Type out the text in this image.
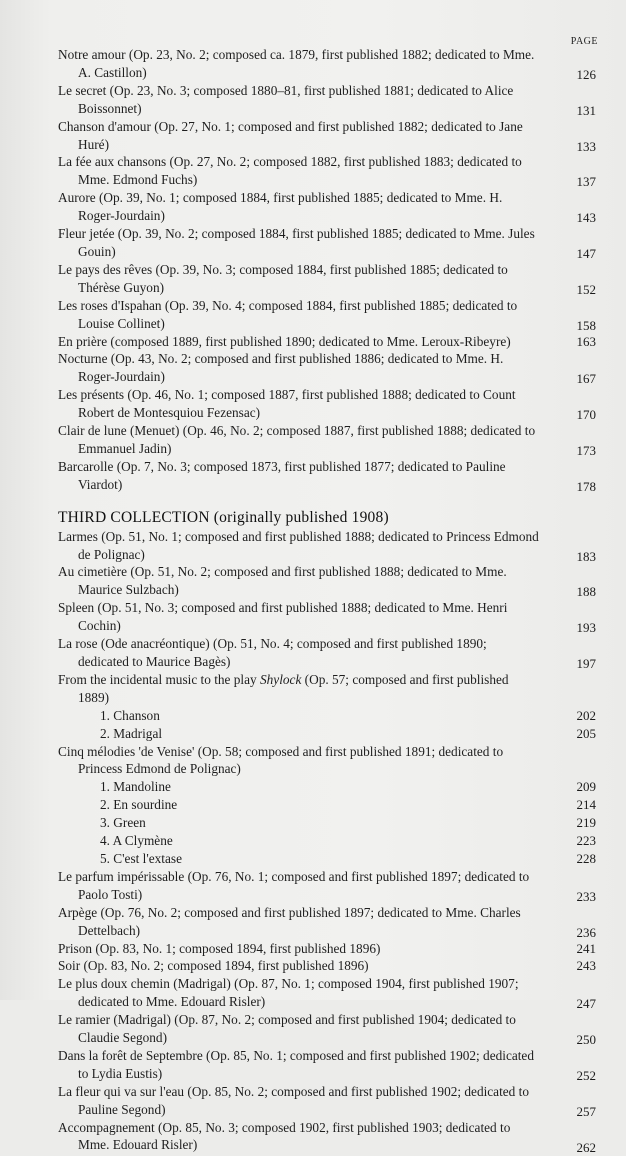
PAGE
Notre amour (Op. 23, No. 2; composed ca. 1879, first published 1882; dedicated to Mme. A. Castillon)	126
Le secret (Op. 23, No. 3; composed 1880–81, first published 1881; dedicated to Alice Boissonnet)	131
Chanson d'amour (Op. 27, No. 1; composed and first published 1882; dedicated to Jane Huré)	133
La fée aux chansons (Op. 27, No. 2; composed 1882, first published 1883; dedicated to Mme. Edmond Fuchs)	137
Aurore (Op. 39, No. 1; composed 1884, first published 1885; dedicated to Mme. H. Roger-Jourdain)	143
Fleur jetée (Op. 39, No. 2; composed 1884, first published 1885; dedicated to Mme. Jules Gouin)	147
Le pays des rêves (Op. 39, No. 3; composed 1884, first published 1885; dedicated to Thérèse Guyon)	152
Les roses d'Ispahan (Op. 39, No. 4; composed 1884, first published 1885; dedicated to Louise Collinet)	158
En prière (composed 1889, first published 1890; dedicated to Mme. Leroux-Ribeyre)	163
Nocturne (Op. 43, No. 2; composed and first published 1886; dedicated to Mme. H. Roger-Jourdain)	167
Les présents (Op. 46, No. 1; composed 1887, first published 1888; dedicated to Count Robert de Montesquiou Fezensac)	170
Clair de lune (Menuet) (Op. 46, No. 2; composed 1887, first published 1888; dedicated to Emmanuel Jadin)	173
Barcarolle (Op. 7, No. 3; composed 1873, first published 1877; dedicated to Pauline Viardot)	178
THIRD COLLECTION (originally published 1908)
Larmes (Op. 51, No. 1; composed and first published 1888; dedicated to Princess Edmond de Polignac)	183
Au cimetière (Op. 51, No. 2; composed and first published 1888; dedicated to Mme. Maurice Sulzbach)	188
Spleen (Op. 51, No. 3; composed and first published 1888; dedicated to Mme. Henri Cochin)	193
La rose (Ode anacréontique) (Op. 51, No. 4; composed and first published 1890; dedicated to Maurice Bagès)	197
From the incidental music to the play Shylock (Op. 57; composed and first published 1889)
1. Chanson	202
2. Madrigal	205
Cinq mélodies 'de Venise' (Op. 58; composed and first published 1891; dedicated to Princess Edmond de Polignac)
1. Mandoline	209
2. En sourdine	214
3. Green	219
4. A Clymène	223
5. C'est l'extase	228
Le parfum impérissable (Op. 76, No. 1; composed and first published 1897; dedicated to Paolo Tosti)	233
Arpège (Op. 76, No. 2; composed and first published 1897; dedicated to Mme. Charles Dettelbach)	236
Prison (Op. 83, No. 1; composed 1894, first published 1896)	241
Soir (Op. 83, No. 2; composed 1894, first published 1896)	243
Le plus doux chemin (Madrigal) (Op. 87, No. 1; composed 1904, first published 1907; dedicated to Mme. Edouard Risler)	247
Le ramier (Madrigal) (Op. 87, No. 2; composed and first published 1904; dedicated to Claudie Segond)	250
Dans la forêt de Septembre (Op. 85, No. 1; composed and first published 1902; dedicated to Lydia Eustis)	252
La fleur qui va sur l'eau (Op. 85, No. 2; composed and first published 1902; dedicated to Pauline Segond)	257
Accompagnement (Op. 85, No. 3; composed 1902, first published 1903; dedicated to Mme. Edouard Risler)	262
